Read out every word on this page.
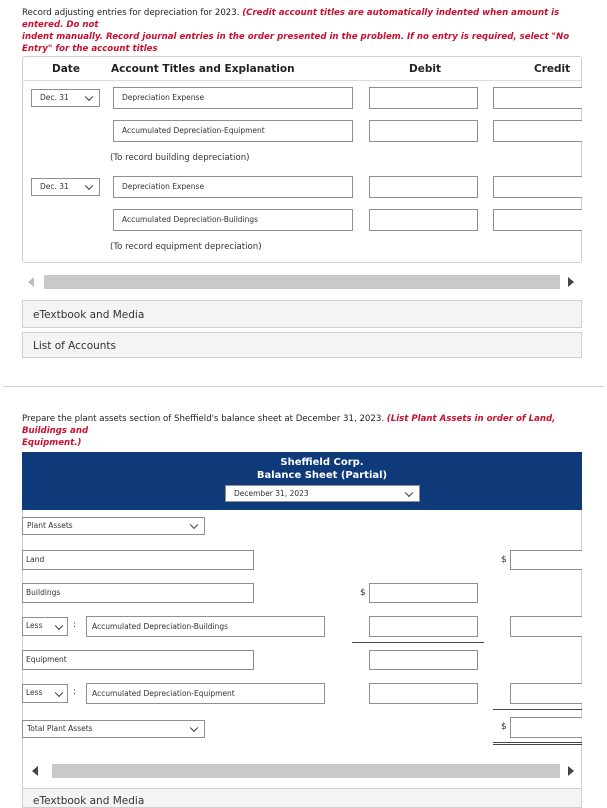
Record adjusting entries for depreciation for 2023. (Credit account titles are automatically indented when amount is entered. Do not
indent manually. Record journal entries in the order presented in the problem. If no entry is required, select "No Entry" for the account titles

Date	Account Titles and Explanation	Debit	Credit
Dec. 31	Depreciation Expense
Accumulated Depreciation-Equipment
(To record building depreciation)
Dec. 31	Depreciation Expense
Accumulated Depreciation-Buildings
(To record equipment depreciation)
eTextbook and Media
List of Accounts
Prepare the plant assets section of Sheffield's balance sheet at December 31, 2023. (List Plant Assets in order of Land, Buildings and
Equipment.)
Sheffield Corp.
Balance Sheet (Partial)
December 31, 2023
Plant Assets
Land	$
Buildings	$
Less	:	Accumulated Depreciation-Buildings
Equipment
Less	:	Accumulated Depreciation-Equipment
Total Plant Assets	$
eTextbook and Media
